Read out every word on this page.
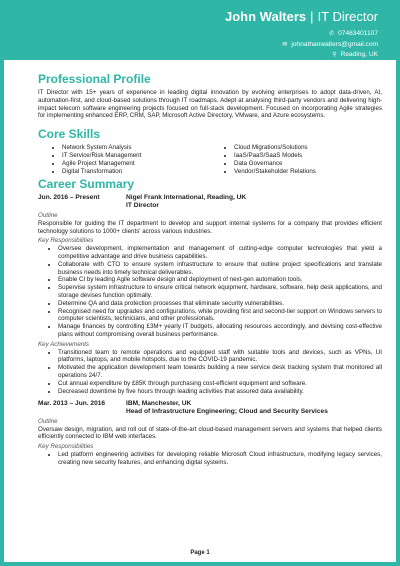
John Walters | IT Director
✆ 07463401107
✉ johnathanwalters@gmail.com
⚲ Reading, UK
Professional Profile

IT Director with 15+ years of experience in leading digital innovation by evolving enterprises to adopt data-driven, AI, automation-first, and cloud-based solutions through IT roadmaps. Adept at analysing third-party vendors and delivering high-impact telecom software engineering projects focused on full-stack development. Focused on incorporating Agile strategies for implementing enhanced ERP, CRM, SAP, Microsoft Active Directory, VMware, and Azure ecosystems.

Core Skills
• Network System Analysis
• IT Service/Risk Management
• Agile Project Management
• Digital Transformation
• Cloud Migrations/Solutions
• IaaS/PaaS/SaaS Models
• Data Governance
• Vendor/Stakeholder Relations
Career Summary
Jun. 2016 – Present	Nigel Frank International, Reading, UK
IT Director
Outline

Responsible for guiding the IT department to develop and support internal systems for a company that provides efficient technology solutions to 1000+ clients' across various industries.

Key Responsibilities
• Oversee development, implementation and management of cutting-edge computer technologies that yield a competitive advantage and drive business capabilities.
• Collaborate with CTO to ensure system infrastructure to ensure that outline project specifications and translate business needs into timely technical deliverables.
• Enable CI by leading Agile software design and deployment of next-gen automation tools.
• Supervise system infrastructure to ensure critical network equipment, hardware, software, help desk applications, and storage devises function optimally.
• Determine QA and data protection processes that eliminate security vulnerabilities.
• Recognised need for upgrades and configurations, while providing first and second-tier support on Windows servers to computer scientists, technicians, and other professionals.
• Manage finances by controlling £3M+ yearly IT budgets, allocating resources accordingly, and devising cost-effective plans without compromising overall business performance.
Key Achievements
• Transitioned team to remote operations and equipped staff with suitable tools and devices, such as VPNs, UI platforms, laptops, and mobile hotspots, due to the COVID-19 pandemic.
• Motivated the application development team towards building a new service desk tracking system that monitored all operations 24/7.
• Cut annual expenditure by £85K through purchasing cost-efficient equipment and software.
• Decreased downtime by five hours through leading activities that assured data availability.
Mar. 2013 – Jun. 2016	IBM, Manchester, UK
Head of Infrastructure Engineering; Cloud and Security Services
Outline

Oversaw design, migration, and roll out of state-of-the-art cloud-based management servers and systems that helped clients efficiently connected to IBM web interfaces.

Key Responsibilities
• Led platform engineering activities for developing reliable Microsoft Cloud infrastructure, modifying legacy services, creating new security features, and enhancing digital systems.
Page 1
